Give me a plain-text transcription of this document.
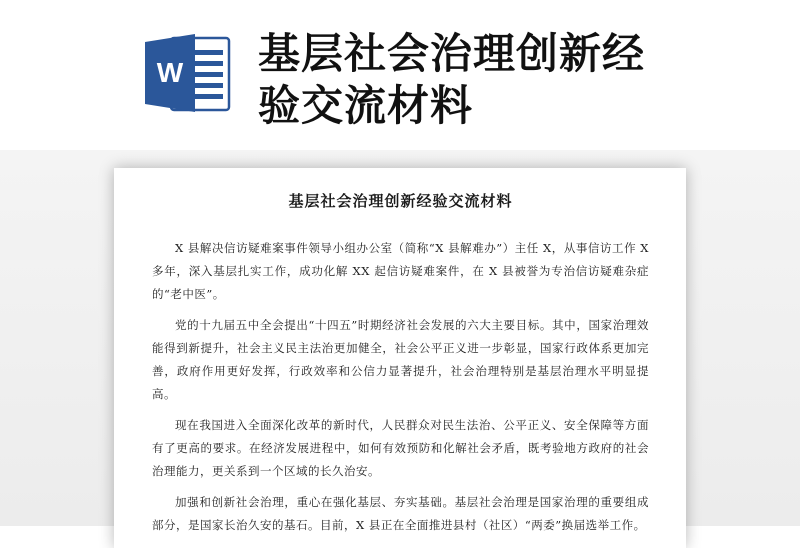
W 基层社会治理创新经
验交流材料
基层社会治理创新经验交流材料

X 县解决信访疑难案事件领导小组办公室（简称“X 县解难办”）主任 X，从事信访工作 X 多年，深入基层扎实工作，成功化解 XX 起信访疑难案件，在 X 县被誉为专治信访疑难杂症的“老中医”。

党的十九届五中全会提出“十四五”时期经济社会发展的六大主要目标。其中，国家治理效能得到新提升，社会主义民主法治更加健全，社会公平正义进一步彰显，国家行政体系更加完善，政府作用更好发挥，行政效率和公信力显著提升，社会治理特别是基层治理水平明显提高。

现在我国进入全面深化改革的新时代，人民群众对民生法治、公平正义、安全保障等方面有了更高的要求。在经济发展进程中，如何有效预防和化解社会矛盾，既考验地方政府的社会治理能力，更关系到一个区域的长久治安。

加强和创新社会治理，重心在强化基层、夯实基础。基层社会治理是国家治理的重要组成部分，是国家长治久安的基石。目前，X 县正在全面推进县村（社区）“两委”换届选举工作。
